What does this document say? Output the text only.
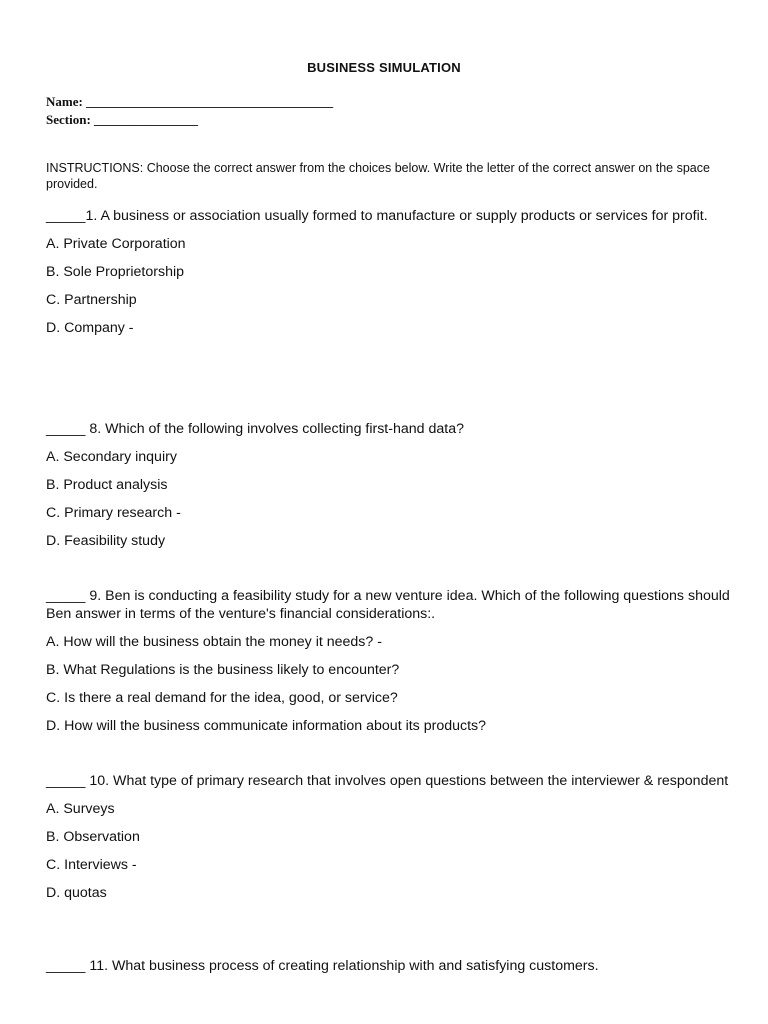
BUSINESS SIMULATION
Name: ______________________________________
Section: ________________
INSTRUCTIONS: Choose the correct answer from the choices below. Write the letter of the correct answer on the space provided.

_____1. A business or association usually formed to manufacture or supply products or services for profit.

A. Private Corporation

B. Sole Proprietorship

C. Partnership

D. Company -

_____ 8. Which of the following involves collecting first-hand data?

A. Secondary inquiry

B. Product analysis

C. Primary research -

D. Feasibility study

_____ 9. Ben is conducting a feasibility study for a new venture idea. Which of the following questions should Ben answer in terms of the venture's financial considerations:.

A. How will the business obtain the money it needs? -

B. What Regulations is the business likely to encounter?

C. Is there a real demand for the idea, good, or service?

D. How will the business communicate information about its products?

_____ 10. What type of primary research that involves open questions between the interviewer & respondent

A. Surveys

B. Observation

C. Interviews -

D. quotas

_____ 11. What business process of creating relationship with and satisfying customers.
